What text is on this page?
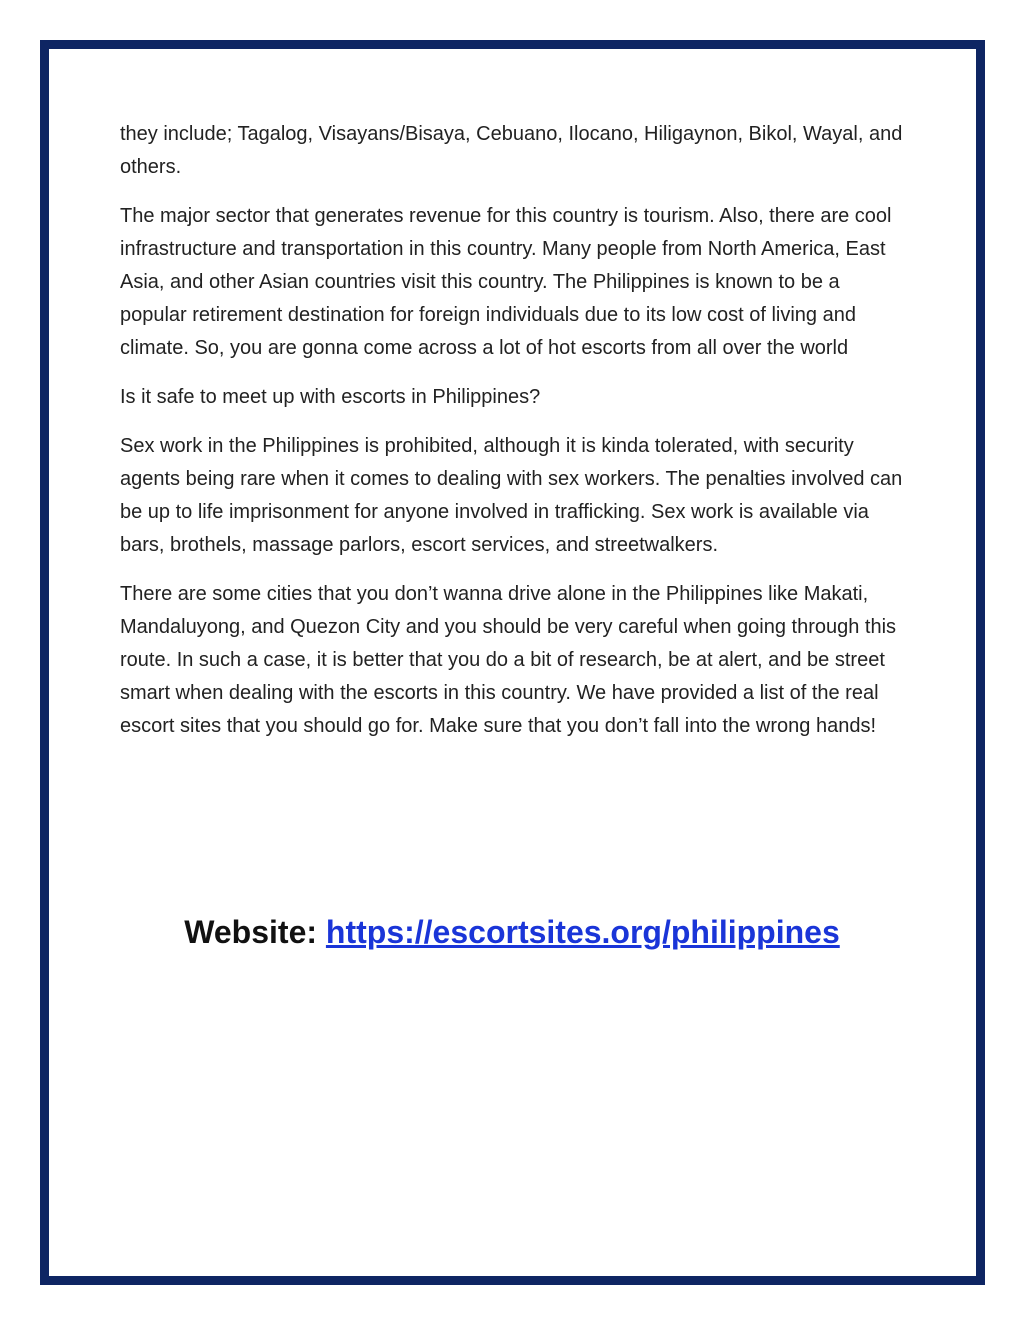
they include; Tagalog, Visayans/Bisaya, Cebuano, Ilocano, Hiligaynon, Bikol, Wayal, and others.

The major sector that generates revenue for this country is tourism. Also, there are cool infrastructure and transportation in this country. Many people from North America, East Asia, and other Asian countries visit this country. The Philippines is known to be a popular retirement destination for foreign individuals due to its low cost of living and climate. So, you are gonna come across a lot of hot escorts from all over the world

Is it safe to meet up with escorts in Philippines?

Sex work in the Philippines is prohibited, although it is kinda tolerated, with security agents being rare when it comes to dealing with sex workers. The penalties involved can be up to life imprisonment for anyone involved in trafficking. Sex work is available via bars, brothels, massage parlors, escort services, and streetwalkers.

There are some cities that you don’t wanna drive alone in the Philippines like Makati, Mandaluyong, and Quezon City and you should be very careful when going through this route. In such a case, it is better that you do a bit of research, be at alert, and be street smart when dealing with the escorts in this country. We have provided a list of the real escort sites that you should go for. Make sure that you don’t fall into the wrong hands!

Website: https://escortsites.org/philippines
